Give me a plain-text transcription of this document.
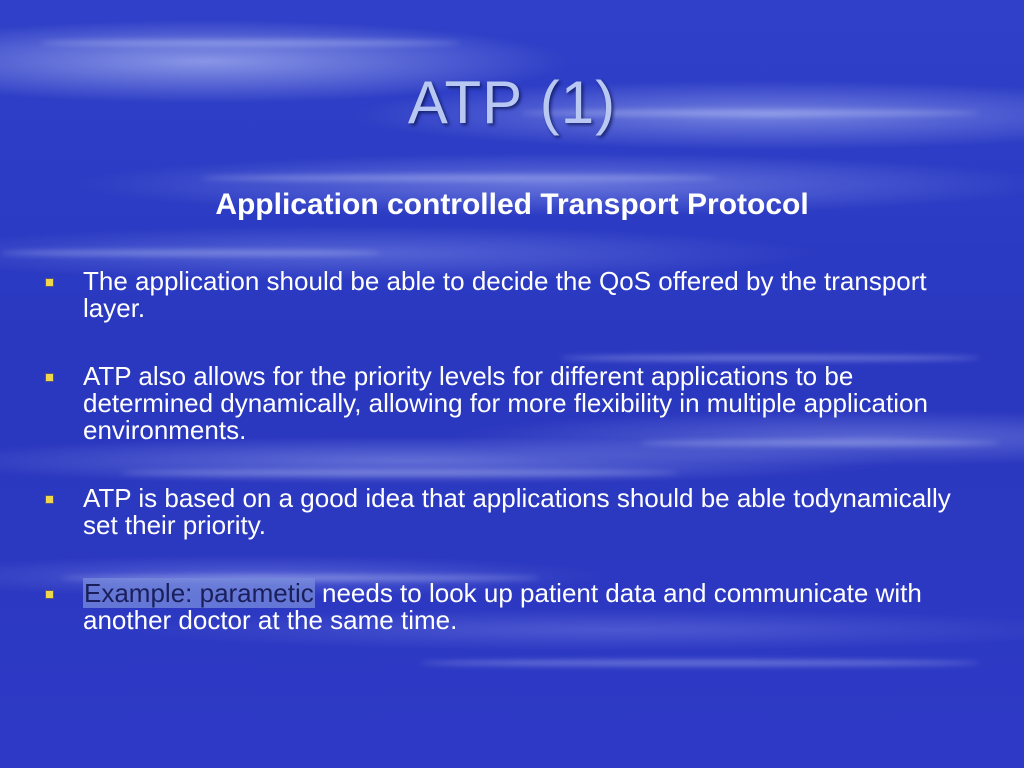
ATP (1)
Application controlled Transport Protocol
The application should be able to decide the QoS offered by the transport layer.
ATP also allows for the priority levels for different applications to be determined dynamically, allowing for more flexibility in multiple application environments.
ATP is based on a good idea that applications should be able todynamically set their priority.
Example: parametic needs to look up patient data and communicate with another doctor at the same time.
